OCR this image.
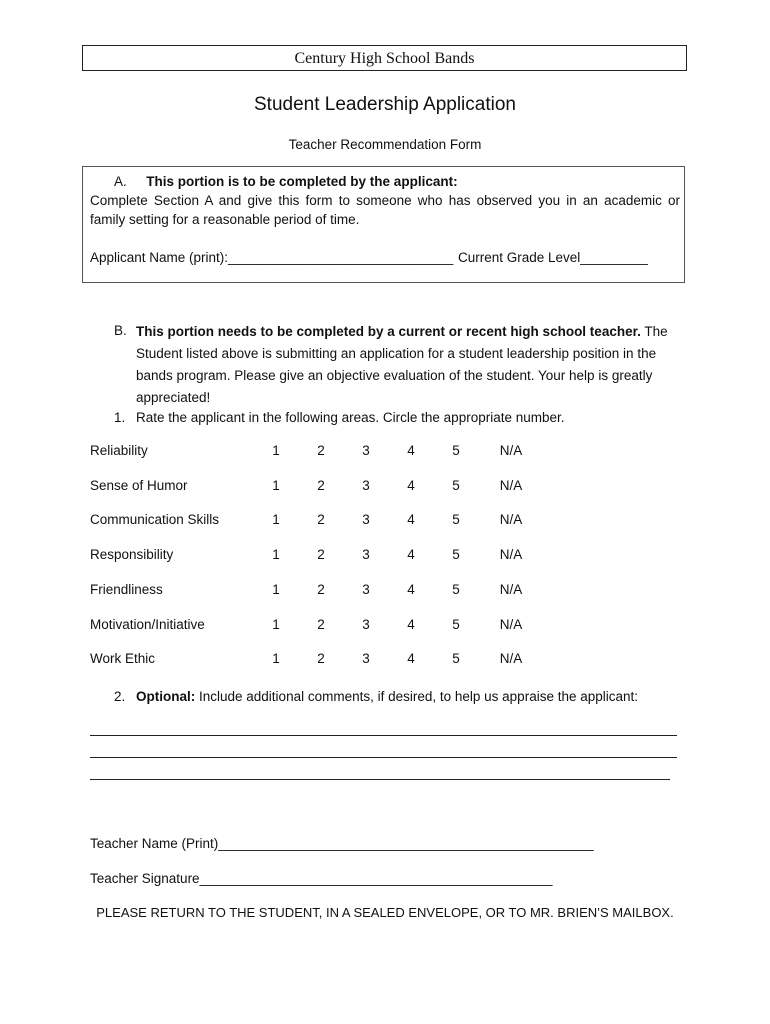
Century High School Bands
Student Leadership Application
Teacher Recommendation Form
A. This portion is to be completed by the applicant:
Complete Section A and give this form to someone who has observed you in an academic or family setting for a reasonable period of time.
Applicant Name (print):______________________________ Current Grade Level_________
B. This portion needs to be completed by a current or recent high school teacher. The Student listed above is submitting an application for a student leadership position in the bands program. Please give an objective evaluation of the student. Your help is greatly appreciated!
1. Rate the applicant in the following areas. Circle the appropriate number.
Reliability	1	2	3	4	5	N/A
Sense of Humor	1	2	3	4	5	N/A
Communication Skills	1	2	3	4	5	N/A
Responsibility	1	2	3	4	5	N/A
Friendliness	1	2	3	4	5	N/A
Motivation/Initiative	1	2	3	4	5	N/A
Work Ethic	1	2	3	4	5	N/A
2. Optional: Include additional comments, if desired, to help us appraise the applicant:
Teacher Name (Print)__________________________________________________
Teacher Signature_______________________________________________
PLEASE RETURN TO THE STUDENT, IN A SEALED ENVELOPE, OR TO MR. BRIEN’S MAILBOX.
